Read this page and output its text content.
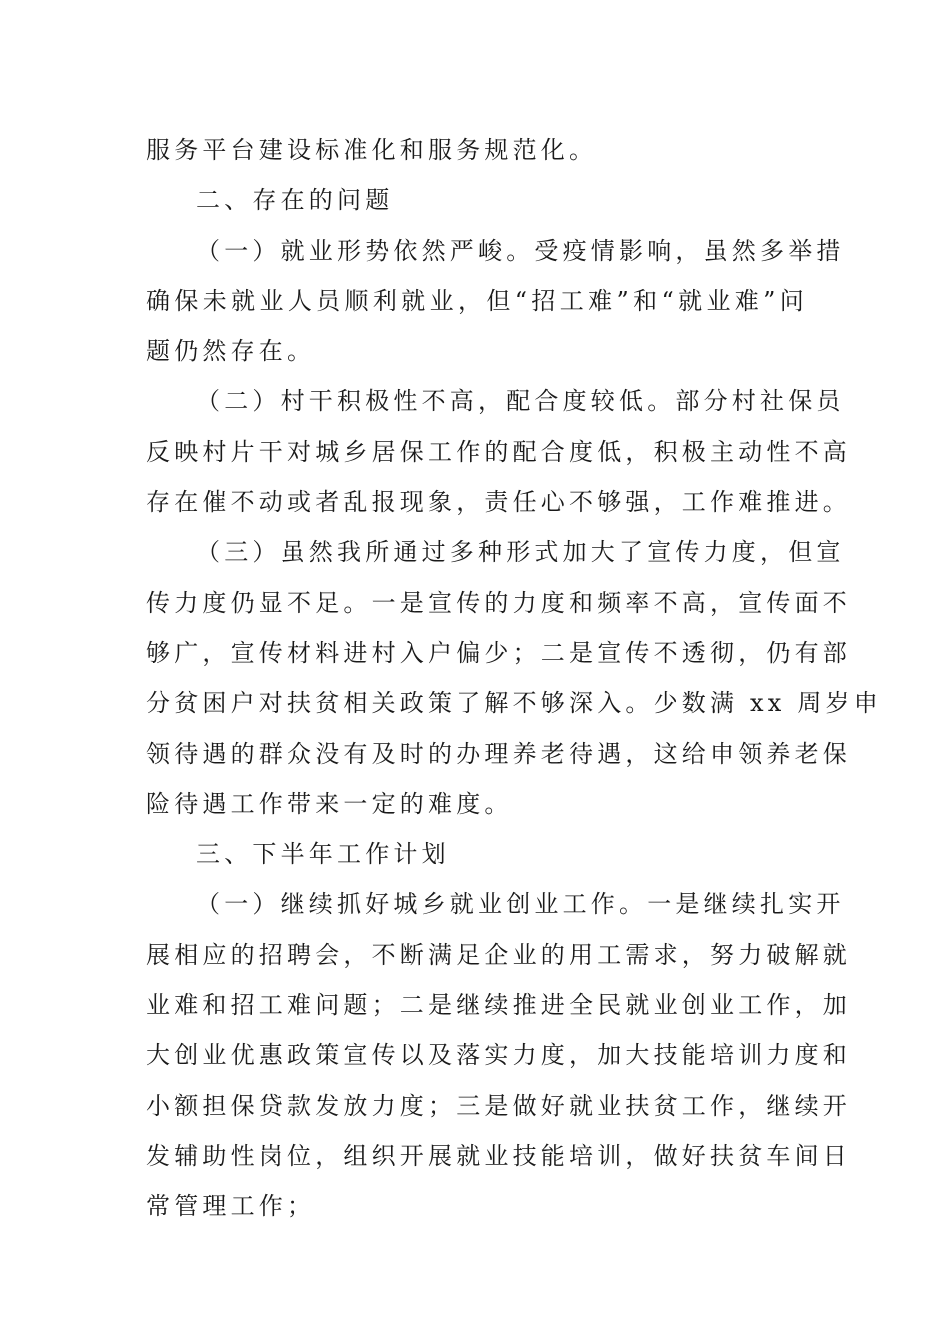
服务平台建设标准化和服务规范化。
二、存在的问题
（一）就业形势依然严峻。受疫情影响，虽然多举措
确保未就业人员顺利就业，但“招工难”和“就业难”问
题仍然存在。
（二）村干积极性不高，配合度较低。部分村社保员
反映村片干对城乡居保工作的配合度低，积极主动性不高
存在催不动或者乱报现象，责任心不够强，工作难推进。
（三）虽然我所通过多种形式加大了宣传力度，但宣
传力度仍显不足。一是宣传的力度和频率不高，宣传面不
够广，宣传材料进村入户偏少；二是宣传不透彻，仍有部
分贫困户对扶贫相关政策了解不够深入。少数满 xx 周岁申
领待遇的群众没有及时的办理养老待遇，这给申领养老保
险待遇工作带来一定的难度。
三、下半年工作计划
（一）继续抓好城乡就业创业工作。一是继续扎实开
展相应的招聘会，不断满足企业的用工需求，努力破解就
业难和招工难问题；二是继续推进全民就业创业工作，加
大创业优惠政策宣传以及落实力度，加大技能培训力度和
小额担保贷款发放力度；三是做好就业扶贫工作，继续开
发辅助性岗位，组织开展就业技能培训，做好扶贫车间日
常管理工作；
